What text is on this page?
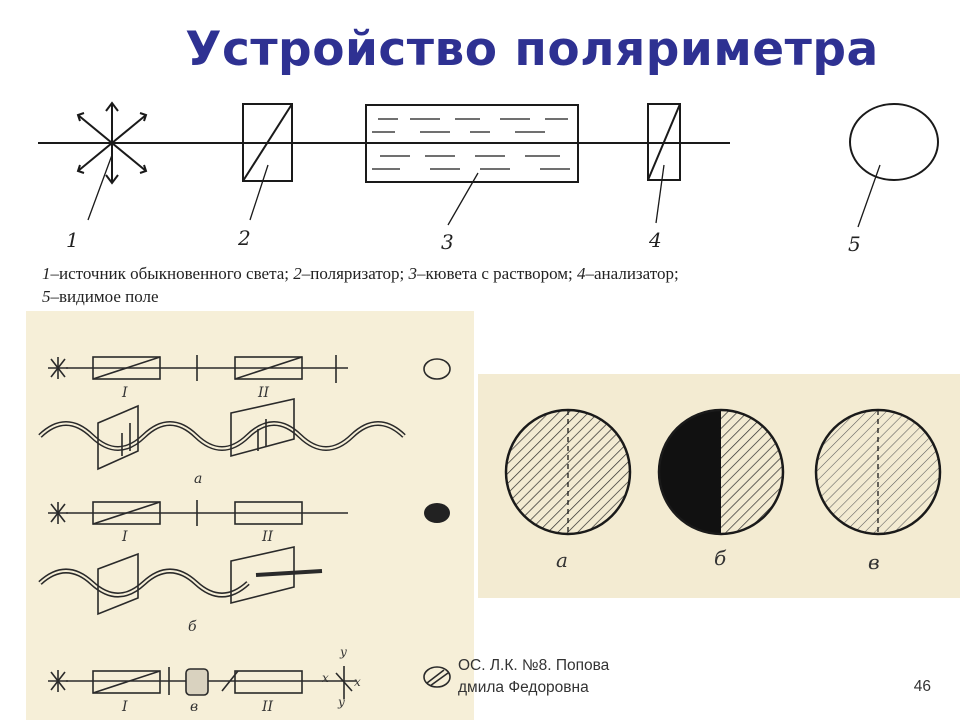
Устройство поляриметра
1	2	3	4	5
1–источник обыкновенного света; 2–поляризатор; 3–кювета с раствором; 4–анализатор;
5–видимое поле
I	II
а
I	II
б
I	в	II
y
x x
y
а	б	в
ОС. Л.К. №8. Попова
дмила Федоровна	46
